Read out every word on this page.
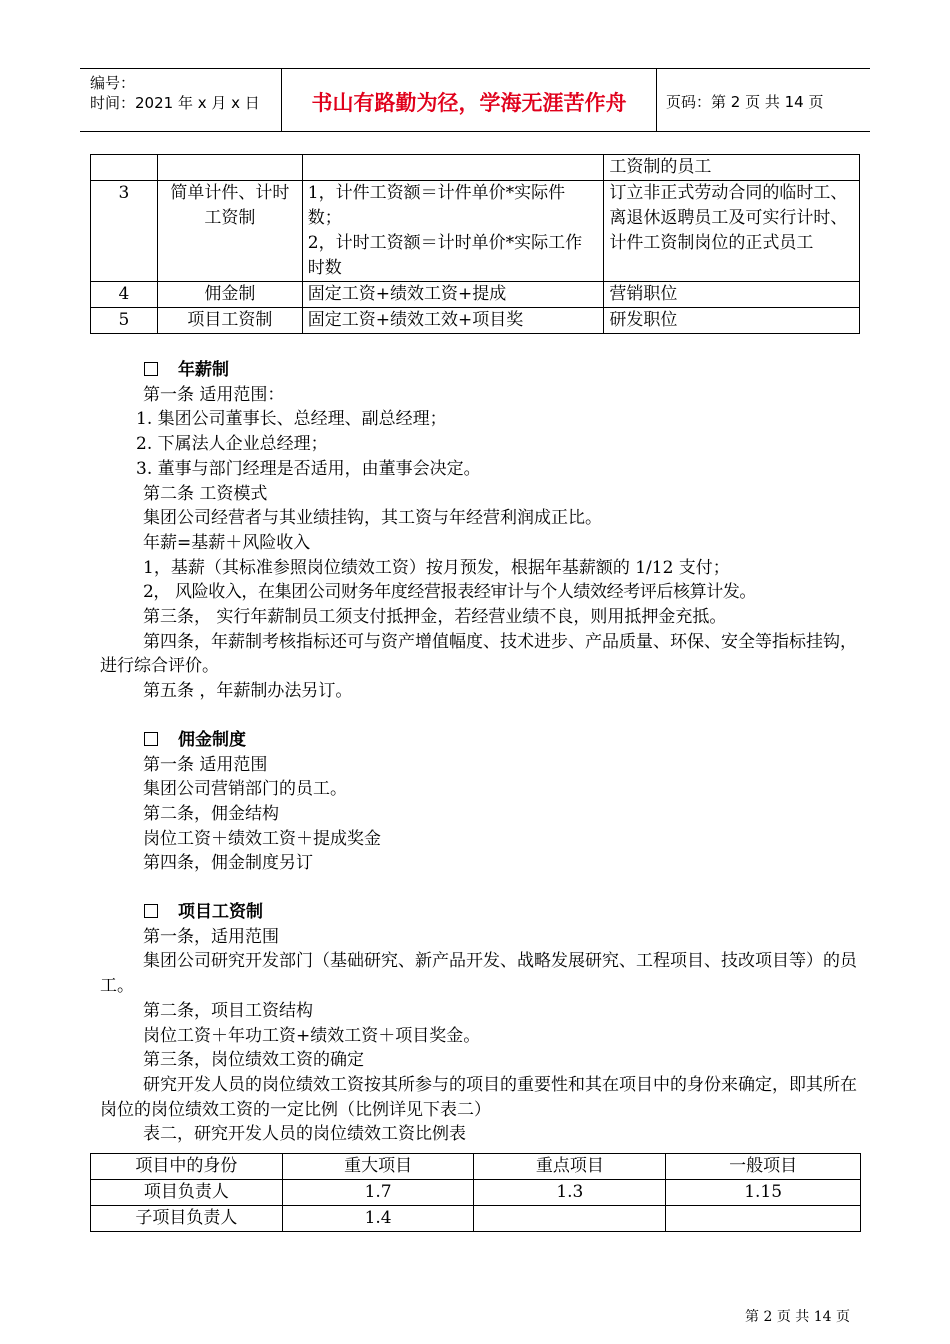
编号：
时间：2021 年 x 月 x 日	书山有路勤为径，学海无涯苦作舟	页码：第 2 页 共 14 页
			工资制的员工
3	简单计件、计时工资制	1，计件工资额＝计件单价*实际件数；
2，计时工资额＝计时单价*实际工作时数	订立非正式劳动合同的临时工、离退休返聘员工及可实行计时、计件工资制岗位的正式员工
4	佣金制	固定工资+绩效工资+提成	营销职位
5	项目工资制	固定工资+绩效工效+项目奖	研发职位

年薪制

第一条 适用范围：

1. 集团公司董事长、总经理、副总经理；

2. 下属法人企业总经理；

3. 董事与部门经理是否适用，由董事会决定。

第二条 工资模式

集团公司经营者与其业绩挂钩，其工资与年经营利润成正比。

年薪=基薪＋风险收入

1，基薪（其标准参照岗位绩效工资）按月预发，根据年基薪额的 1/12 支付；

2， 风险收入，在集团公司财务年度经营报表经审计与个人绩效经考评后核算计发。

第三条， 实行年薪制员工须支付抵押金，若经营业绩不良，则用抵押金充抵。

第四条，年薪制考核指标还可与资产增值幅度、技术进步、产品质量、环保、安全等指标挂钩，进行综合评价。

第五条 ，年薪制办法另订。

佣金制度

第一条 适用范围

集团公司营销部门的员工。

第二条，佣金结构

岗位工资＋绩效工资＋提成奖金

第四条，佣金制度另订

项目工资制

第一条，适用范围

集团公司研究开发部门（基础研究、新产品开发、战略发展研究、工程项目、技改项目等）的员工。

第二条，项目工资结构

岗位工资＋年功工资+绩效工资＋项目奖金。

第三条，岗位绩效工资的确定

研究开发人员的岗位绩效工资按其所参与的项目的重要性和其在项目中的身份来确定，即其所在岗位的岗位绩效工资的一定比例（比例详见下表二）

表二，研究开发人员的岗位绩效工资比例表

项目中的身份	重大项目	重点项目	一般项目
项目负责人	1.7	1.3	1.15
子项目负责人	1.4		
第 2 页 共 14 页
